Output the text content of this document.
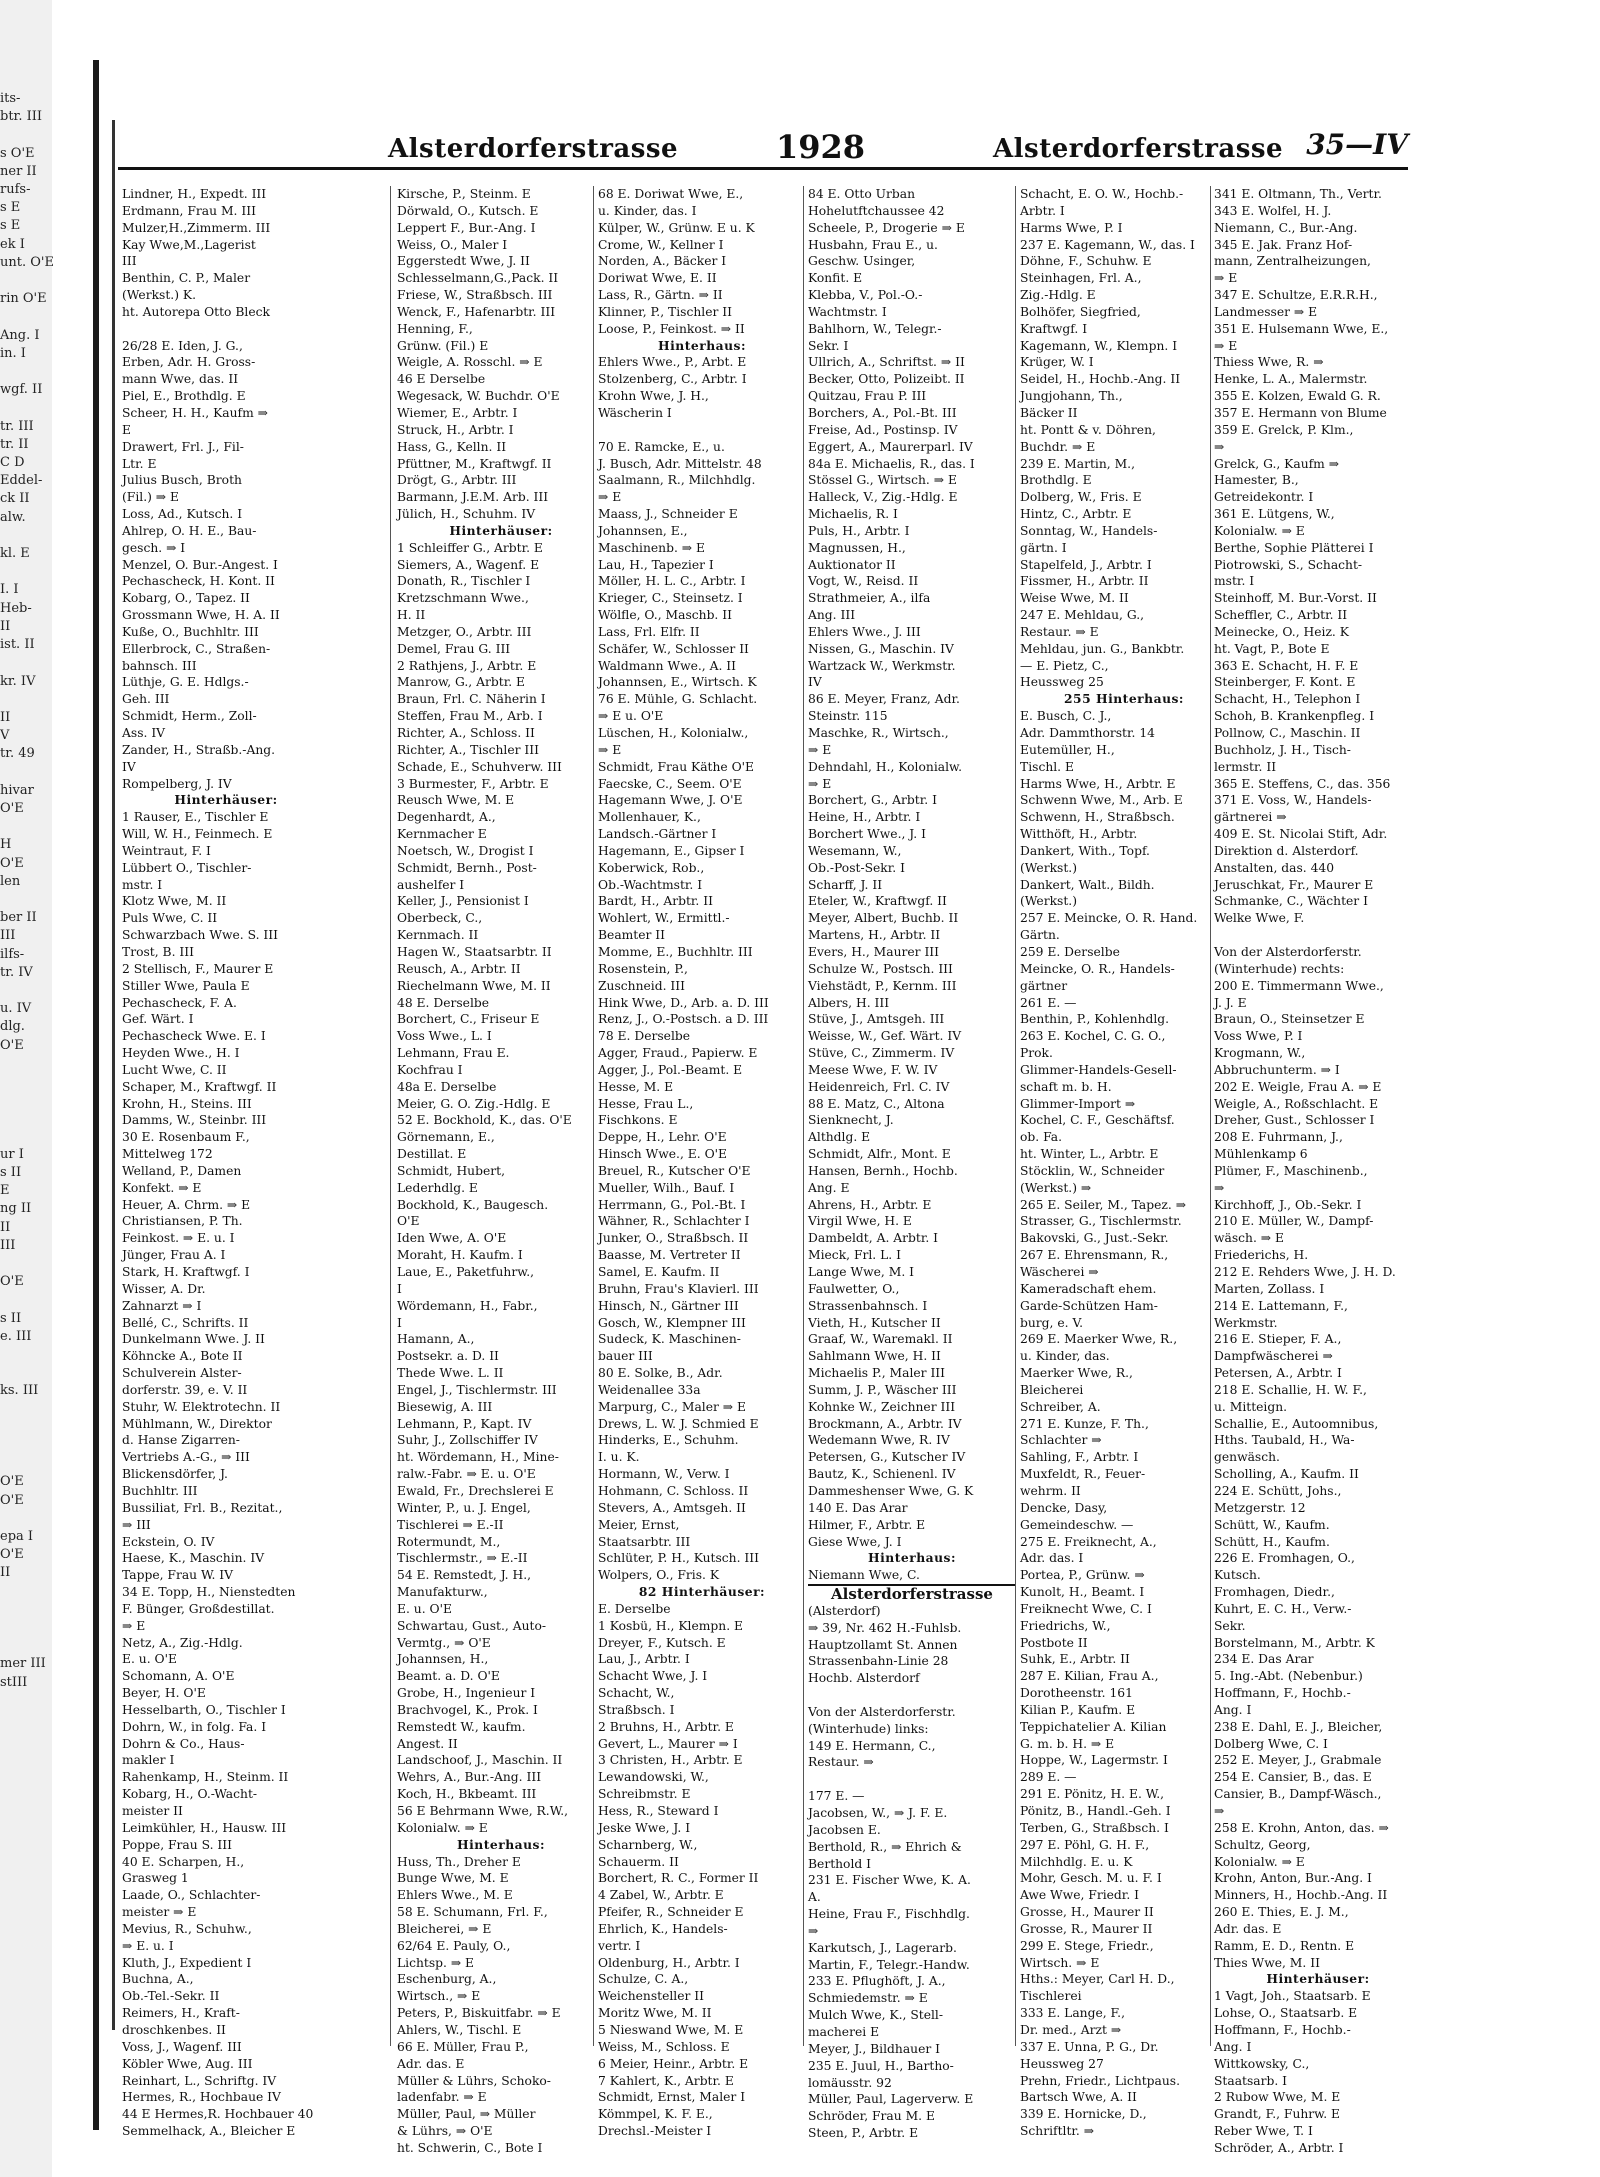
its-
btr. III

s O'E
ner II
rufs-
s E
s E
ek I
unt. O'E

rin O'E

Ang. I
in. I

wgf. II

tr. III
tr. II
C D
Eddel-
ck II
alw.

kl. E

I. I
Heb-
II
ist. II

kr. IV

II
V
tr. 49

hivar
O'E

H
O'E
len

ber II
III
ilfs-
tr. IV

u. IV
dlg.
O'E

ur I
s II
E
ng II
II
III

O'E

s II
e. III

ks. III

O'E
O'E

epa I
O'E
II

mer III
stIII

Alsterdorferstrasse	1928	Alsterdorferstrasse 35—IV
Lindner, H., Expedt. III
Erdmann, Frau M. III
Mulzer,H.,Zimmerm. III
Kay Wwe,M.,Lagerist
III
Benthin, C. P., Maler
(Werkst.) K.
ht. Autorepa Otto Bleck

26/28 E. Iden, J. G.,
Erben, Adr. H. Gross-
mann Wwe, das. II
Piel, E., Brothdlg. E
Scheer, H. H., Kaufm ⇒
E
Drawert, Frl. J., Fil-
Ltr. E
Julius Busch, Broth
(Fil.) ⇒ E
Loss, Ad., Kutsch. I
Ahlrep, O. H. E., Bau-
gesch. ⇒ I
Menzel, O. Bur.-Angest. I
Pechascheck, H. Kont. II
Kobarg, O., Tapez. II
Grossmann Wwe, H. A. II
Kuße, O., Buchhltr. III
Ellerbrock, C., Straßen-
bahnsch. III
Lüthje, G. E. Hdlgs.-
Geh. III
Schmidt, Herm., Zoll-
Ass. IV
Zander, H., Straßb.-Ang.
IV
Rompelberg, J. IV
Hinterhäuser:
1 Rauser, E., Tischler E
Will, W. H., Feinmech. E
Weintraut, F. I
Lübbert O., Tischler-
mstr. I
Klotz Wwe, M. II
Puls Wwe, C. II
Schwarzbach Wwe. S. III
Trost, B. III
2 Stellisch, F., Maurer E
Stiller Wwe, Paula E
Pechascheck, F. A.
Gef. Wärt. I
Pechascheck Wwe. E. I
Heyden Wwe., H. I
Lucht Wwe, C. II
Schaper, M., Kraftwgf. II
Krohn, H., Steins. III
Damms, W., Steinbr. III
30 E. Rosenbaum F.,
Mittelweg 172
Welland, P., Damen
Konfekt. ⇒ E
Heuer, A. Chrm. ⇒ E
Christiansen, P. Th.
Feinkost. ⇒ E. u. I
Jünger, Frau A. I
Stark, H. Kraftwgf. I
Wisser, A. Dr.
Zahnarzt ⇒ I
Bellé, C., Schrifts. II
Dunkelmann Wwe. J. II
Köhncke A., Bote II
Schulverein Alster-
dorferstr. 39, e. V. II
Stuhr, W. Elektrotechn. II
Mühlmann, W., Direktor
d. Hanse Zigarren-
Vertriebs A.-G., ⇒ III
Blickensdörfer, J.
Buchhltr. III
Bussiliat, Frl. B., Rezitat.,
⇒ III
Eckstein, O. IV
Haese, K., Maschin. IV
Tappe, Frau W. IV
34 E. Topp, H., Nienstedten
F. Bünger, Großdestillat.
⇒ E
Netz, A., Zig.-Hdlg.
E. u. O'E
Schomann, A. O'E
Beyer, H. O'E
Hesselbarth, O., Tischler I
Dohrn, W., in folg. Fa. I
Dohrn & Co., Haus-
makler I
Rahenkamp, H., Steinm. II
Kobarg, H., O.-Wacht-
meister II
Leimkühler, H., Hausw. III
Poppe, Frau S. III
40 E. Scharpen, H.,
Grasweg 1
Laade, O., Schlachter-
meister ⇒ E
Mevius, R., Schuhw.,
⇒ E. u. I
Kluth, J., Expedient I
Buchna, A.,
Ob.-Tel.-Sekr. II
Reimers, H., Kraft-
droschkenbes. II
Voss, J., Wagenf. III
Köbler Wwe, Aug. III
Reinhart, L., Schriftg. IV
Hermes, R., Hochbaue IV
44 E Hermes,R. Hochbauer 40
Semmelhack, A., Bleicher E
Kirsche, P., Steinm. E
Dörwald, O., Kutsch. E
Leppert F., Bur.-Ang. I
Weiss, O., Maler I
Eggerstedt Wwe, J. II
Schlesselmann,G.,Pack. II
Friese, W., Straßbsch. III
Wenck, F., Hafenarbtr. III
Henning, F.,
Grünw. (Fil.) E
Weigle, A. Rosschl. ⇒ E
46 E Derselbe
Wegesack, W. Buchdr. O'E
Wiemer, E., Arbtr. I
Struck, H., Arbtr. I
Hass, G., Kelln. II
Pfüttner, M., Kraftwgf. II
Drögt, G., Arbtr. III
Barmann, J.E.M. Arb. III
Jülich, H., Schuhm. IV
Hinterhäuser:
1 Schleiffer G., Arbtr. E
Siemers, A., Wagenf. E
Donath, R., Tischler I
Kretzschmann Wwe.,
H. II
Metzger, O., Arbtr. III
Demel, Frau G. III
2 Rathjens, J., Arbtr. E
Manrow, G., Arbtr. E
Braun, Frl. C. Näherin I
Steffen, Frau M., Arb. I
Richter, A., Schloss. II
Richter, A., Tischler III
Schade, E., Schuhverw. III
3 Burmester, F., Arbtr. E
Reusch Wwe, M. E
Degenhardt, A.,
Kernmacher E
Noetsch, W., Drogist I
Schmidt, Bernh., Post-
aushelfer I
Keller, J., Pensionist I
Oberbeck, C.,
Kernmach. II
Hagen W., Staatsarbtr. II
Reusch, A., Arbtr. II
Riechelmann Wwe, M. II
48 E. Derselbe
Borchert, C., Friseur E
Voss Wwe., L. I
Lehmann, Frau E.
Kochfrau I
48a E. Derselbe
Meier, G. O. Zig.-Hdlg. E
52 E. Bockhold, K., das. O'E
Görnemann, E.,
Destillat. E
Schmidt, Hubert,
Lederhdlg. E
Bockhold, K., Baugesch.
O'E
Iden Wwe, A. O'E
Moraht, H. Kaufm. I
Laue, E., Paketfuhrw.,
I
Wördemann, H., Fabr.,
I
Hamann, A.,
Postsekr. a. D. II
Thede Wwe. L. II
Engel, J., Tischlermstr. III
Biesewig, A. III
Lehmann, P., Kapt. IV
Suhr, J., Zollschiffer IV
ht. Wördemann, H., Mine-
ralw.-Fabr. ⇒ E. u. O'E
Ewald, Fr., Drechslerei E
Winter, P., u. J. Engel,
Tischlerei ⇒ E.-II
Rotermundt, M.,
Tischlermstr., ⇒ E.-II
54 E. Remstedt, J. H.,
Manufakturw.,
E. u. O'E
Schwartau, Gust., Auto-
Vermtg., ⇒ O'E
Johannsen, H.,
Beamt. a. D. O'E
Grobe, H., Ingenieur I
Brachvogel, K., Prok. I
Remstedt W., kaufm.
Angest. II
Landschoof, J., Maschin. II
Wehrs, A., Bur.-Ang. III
Koch, H., Bkbeamt. III
56 E Behrmann Wwe, R.W.,
Kolonialw. ⇒ E
Hinterhaus:
Huss, Th., Dreher E
Bunge Wwe, M. E
Ehlers Wwe., M. E
58 E. Schumann, Frl. F.,
Bleicherei, ⇒ E
62/64 E. Pauly, O.,
Lichtsp. ⇒ E
Eschenburg, A.,
Wirtsch., ⇒ E
Peters, P., Biskuitfabr. ⇒ E
Ahlers, W., Tischl. E
66 E. Müller, Frau P.,
Adr. das. E
Müller & Lührs, Schoko-
ladenfabr. ⇒ E
Müller, Paul, ⇒ Müller
& Lührs, ⇒ O'E
ht. Schwerin, C., Bote I
68 E. Doriwat Wwe, E.,
u. Kinder, das. I
Külper, W., Grünw. E u. K
Crome, W., Kellner I
Norden, A., Bäcker I
Doriwat Wwe, E. II
Lass, R., Gärtn. ⇒ II
Klinner, P., Tischler II
Loose, P., Feinkost. ⇒ II
Hinterhaus:
Ehlers Wwe., P., Arbt. E
Stolzenberg, C., Arbtr. I
Krohn Wwe, J. H.,
Wäscherin I

70 E. Ramcke, E., u.
J. Busch, Adr. Mittelstr. 48
Saalmann, R., Milchhdlg.
⇒ E
Maass, J., Schneider E
Johannsen, E.,
Maschinenb. ⇒ E
Lau, H., Tapezier I
Möller, H. L. C., Arbtr. I
Krieger, C., Steinsetz. I
Wölfle, O., Maschb. II
Lass, Frl. Elfr. II
Schäfer, W., Schlosser II
Waldmann Wwe., A. II
Johannsen, E., Wirtsch. K
76 E. Mühle, G. Schlacht.
⇒ E u. O'E
Lüschen, H., Kolonialw.,
⇒ E
Schmidt, Frau Käthe O'E
Faecske, C., Seem. O'E
Hagemann Wwe, J. O'E
Mollenhauer, K.,
Landsch.-Gärtner I
Hagemann, E., Gipser I
Koberwick, Rob.,
Ob.-Wachtmstr. I
Bardt, H., Arbtr. II
Wohlert, W., Ermittl.-
Beamter II
Momme, E., Buchhltr. III
Rosenstein, P.,
Zuschneid. III
Hink Wwe, D., Arb. a. D. III
Renz, J., O.-Postsch. a D. III
78 E. Derselbe
Agger, Fraud., Papierw. E
Agger, J., Pol.-Beamt. E
Hesse, M. E
Hesse, Frau L.,
Fischkons. E
Deppe, H., Lehr. O'E
Hinsch Wwe., E. O'E
Breuel, R., Kutscher O'E
Mueller, Wilh., Bauf. I
Herrmann, G., Pol.-Bt. I
Wähner, R., Schlachter I
Junker, O., Straßbsch. II
Baasse, M. Vertreter II
Samel, E. Kaufm. II
Bruhn, Frau's Klavierl. III
Hinsch, N., Gärtner III
Gosch, W., Klempner III
Sudeck, K. Maschinen-
bauer III
80 E. Solke, B., Adr.
Weidenallee 33a
Marpurg, C., Maler ⇒ E
Drews, L. W. J. Schmied E
Hinderks, E., Schuhm.
I. u. K.
Hormann, W., Verw. I
Hohmann, C. Schloss. II
Stevers, A., Amtsgeh. II
Meier, Ernst,
Staatsarbtr. III
Schlüter, P. H., Kutsch. III
Wolpers, O., Fris. K
82 Hinterhäuser:
E. Derselbe
1 Kosbü, H., Klempn. E
Dreyer, F., Kutsch. E
Lau, J., Arbtr. I
Schacht Wwe, J. I
Schacht, W.,
Straßbsch. I
2 Bruhns, H., Arbtr. E
Gevert, L., Maurer ⇒ I
3 Christen, H., Arbtr. E
Lewandowski, W.,
Schreibmstr. E
Hess, R., Steward I
Jeske Wwe, J. I
Scharnberg, W.,
Schauerm. II
Borchert, R. C., Former II
4 Zabel, W., Arbtr. E
Pfeifer, R., Schneider E
Ehrlich, K., Handels-
vertr. I
Oldenburg, H., Arbtr. I
Schulze, C. A.,
Weichensteller II
Moritz Wwe, M. II
5 Nieswand Wwe, M. E
Weiss, M., Schloss. E
6 Meier, Heinr., Arbtr. E
7 Kahlert, K., Arbtr. E
Schmidt, Ernst, Maler I
Kömmpel, K. F. E.,
Drechsl.-Meister I
84 E. Otto Urban
Hohelutftchaussee 42
Scheele, P., Drogerie ⇒ E
Husbahn, Frau E., u.
Geschw. Usinger,
Konfit. E
Klebba, V., Pol.-O.-
Wachtmstr. I
Bahlhorn, W., Telegr.-
Sekr. I
Ullrich, A., Schriftst. ⇒ II
Becker, Otto, Polizeibt. II
Quitzau, Frau P. III
Borchers, A., Pol.-Bt. III
Freise, Ad., Postinsp. IV
Eggert, A., Maurerparl. IV
84a E. Michaelis, R., das. I
Stössel G., Wirtsch. ⇒ E
Halleck, V., Zig.-Hdlg. E
Michaelis, R. I
Puls, H., Arbtr. I
Magnussen, H.,
Auktionator II
Vogt, W., Reisd. II
Strathmeier, A., ilfa
Ang. III
Ehlers Wwe., J. III
Nissen, G., Maschin. IV
Wartzack W., Werkmstr.
IV
86 E. Meyer, Franz, Adr.
Steinstr. 115
Maschke, R., Wirtsch.,
⇒ E
Dehndahl, H., Kolonialw.
⇒ E
Borchert, G., Arbtr. I
Heine, H., Arbtr. I
Borchert Wwe., J. I
Wesemann, W.,
Ob.-Post-Sekr. I
Scharff, J. II
Eteler, W., Kraftwgf. II
Meyer, Albert, Buchb. II
Martens, H., Arbtr. II
Evers, H., Maurer III
Schulze W., Postsch. III
Viehstädt, P., Kernm. III
Albers, H. III
Stüve, J., Amtsgeh. III
Weisse, W., Gef. Wärt. IV
Stüve, C., Zimmerm. IV
Meese Wwe, F. W. IV
Heidenreich, Frl. C. IV
88 E. Matz, C., Altona
Sienknecht, J.
Althdlg. E
Schmidt, Alfr., Mont. E
Hansen, Bernh., Hochb.
Ang. E
Ahrens, H., Arbtr. E
Virgil Wwe, H. E
Dambeldt, A. Arbtr. I
Mieck, Frl. L. I
Lange Wwe, M. I
Faulwetter, O.,
Strassenbahnsch. I
Vieth, H., Kutscher II
Graaf, W., Waremakl. II
Sahlmann Wwe, H. II
Michaelis P., Maler III
Summ, J. P., Wäscher III
Kohnke W., Zeichner III
Brockmann, A., Arbtr. IV
Wedemann Wwe, R. IV
Petersen, G., Kutscher IV
Bautz, K., Schienenl. IV
Dammeshenser Wwe, G. K
140 E. Das Arar
Hilmer, F., Arbtr. E
Giese Wwe, J. I
Hinterhaus:
Niemann Wwe, C.
Alsterdorferstrasse
(Alsterdorf)
⇒ 39, Nr. 462 H.-Fuhlsb.
Hauptzollamt St. Annen
Strassenbahn-Linie 28
Hochb. Alsterdorf

Von der Alsterdorferstr.
(Winterhude) links:
149 E. Hermann, C.,
Restaur. ⇒

177 E. —
Jacobsen, W., ⇒ J. F. E.
Jacobsen E.
Berthold, R., ⇒ Ehrich &
Berthold I
231 E. Fischer Wwe, K. A.
A.
Heine, Frau F., Fischhdlg.
⇒
Karkutsch, J., Lagerarb.
Martin, F., Telegr.-Handw.
233 E. Pflughöft, J. A.,
Schmiedemstr. ⇒ E
Mulch Wwe, K., Stell-
macherei E
Meyer, J., Bildhauer I
235 E. Juul, H., Bartho-
lomäusstr. 92
Müller, Paul, Lagerverw. E
Schröder, Frau M. E
Steen, P., Arbtr. E
Schacht, E. O. W., Hochb.-
Arbtr. I
Harms Wwe, P. I
237 E. Kagemann, W., das. I
Döhne, F., Schuhw. E
Steinhagen, Frl. A.,
Zig.-Hdlg. E
Bolhöfer, Siegfried,
Kraftwgf. I
Kagemann, W., Klempn. I
Krüger, W. I
Seidel, H., Hochb.-Ang. II
Jungjohann, Th.,
Bäcker II
ht. Pontt & v. Döhren,
Buchdr. ⇒ E
239 E. Martin, M.,
Brothdlg. E
Dolberg, W., Fris. E
Hintz, C., Arbtr. E
Sonntag, W., Handels-
gärtn. I
Stapelfeld, J., Arbtr. I
Fissmer, H., Arbtr. II
Weise Wwe, M. II
247 E. Mehldau, G.,
Restaur. ⇒ E
Mehldau, jun. G., Bankbtr.
— E. Pietz, C.,
Heussweg 25
255 Hinterhaus:
E. Busch, C. J.,
Adr. Dammthorstr. 14
Eutemüller, H.,
Tischl. E
Harms Wwe, H., Arbtr. E
Schwenn Wwe, M., Arb. E
Schwenn, H., Straßbsch.
Witthöft, H., Arbtr.
Dankert, With., Topf.
(Werkst.)
Dankert, Walt., Bildh.
(Werkst.)
257 E. Meincke, O. R. Hand.
Gärtn.
259 E. Derselbe
Meincke, O. R., Handels-
gärtner
261 E. —
Benthin, P., Kohlenhdlg.
263 E. Kochel, C. G. O.,
Prok.
Glimmer-Handels-Gesell-
schaft m. b. H.
Glimmer-Import ⇒
Kochel, C. F., Geschäftsf.
ob. Fa.
ht. Winter, L., Arbtr. E
Stöcklin, W., Schneider
(Werkst.) ⇒
265 E. Seiler, M., Tapez. ⇒
Strasser, G., Tischlermstr.
Bakovski, G., Just.-Sekr.
267 E. Ehrensmann, R.,
Wäscherei ⇒
Kameradschaft ehem.
Garde-Schützen Ham-
burg, e. V.
269 E. Maerker Wwe, R.,
u. Kinder, das.
Maerker Wwe, R.,
Bleicherei
Schreiber, A.
271 E. Kunze, F. Th.,
Schlachter ⇒
Sahling, F., Arbtr. I
Muxfeldt, R., Feuer-
wehrm. II
Dencke, Dasy,
Gemeindeschw. —
275 E. Freiknecht, A.,
Adr. das. I
Portea, P., Grünw. ⇒
Kunolt, H., Beamt. I
Freiknecht Wwe, C. I
Friedrichs, W.,
Postbote II
Suhk, E., Arbtr. II
287 E. Kilian, Frau A.,
Dorotheenstr. 161
Kilian P., Kaufm. E
Teppichatelier A. Kilian
G. m. b. H. ⇒ E
Hoppe, W., Lagermstr. I
289 E. —
291 E. Pönitz, H. E. W.,
Pönitz, B., Handl.-Geh. I
Terben, G., Straßbsch. I
297 E. Pöhl, G. H. F.,
Milchhdlg. E. u. K
Mohr, Gesch. M. u. F. I
Awe Wwe, Friedr. I
Grosse, H., Maurer II
Grosse, R., Maurer II
299 E. Stege, Friedr.,
Wirtsch. ⇒ E
Hths.: Meyer, Carl H. D.,
Tischlerei
333 E. Lange, F.,
Dr. med., Arzt ⇒
337 E. Unna, P. G., Dr.
Heussweg 27
Prehn, Friedr., Lichtpaus.
Bartsch Wwe, A. II
339 E. Hornicke, D.,
Schriftltr. ⇒
341 E. Oltmann, Th., Vertr.
343 E. Wolfel, H. J.
Niemann, C., Bur.-Ang.
345 E. Jak. Franz Hof-
mann, Zentralheizungen,
⇒ E
347 E. Schultze, E.R.R.H.,
Landmesser ⇒ E
351 E. Hulsemann Wwe, E.,
⇒ E
Thiess Wwe, R. ⇒
Henke, L. A., Malermstr.
355 E. Kolzen, Ewald G. R.
357 E. Hermann von Blume
359 E. Grelck, P. Klm.,
⇒
Grelck, G., Kaufm ⇒
Hamester, B.,
Getreidekontr. I
361 E. Lütgens, W.,
Kolonialw. ⇒ E
Berthe, Sophie Plätterei I
Piotrowski, S., Schacht-
mstr. I
Steinhoff, M. Bur.-Vorst. II
Scheffler, C., Arbtr. II
Meinecke, O., Heiz. K
ht. Vagt, P., Bote E
363 E. Schacht, H. F. E
Steinberger, F. Kont. E
Schacht, H., Telephon I
Schoh, B. Krankenpfleg. I
Pollnow, C., Maschin. II
Buchholz, J. H., Tisch-
lermstr. II
365 E. Steffens, C., das. 356
371 E. Voss, W., Handels-
gärtnerei ⇒
409 E. St. Nicolai Stift, Adr.
Direktion d. Alsterdorf.
Anstalten, das. 440
Jeruschkat, Fr., Maurer E
Schmanke, C., Wächter I
Welke Wwe, F.

Von der Alsterdorferstr.
(Winterhude) rechts:
200 E. Timmermann Wwe.,
J. J. E
Braun, O., Steinsetzer E
Voss Wwe, P. I
Krogmann, W.,
Abbruchunterm. ⇒ I
202 E. Weigle, Frau A. ⇒ E
Weigle, A., Roßschlacht. E
Dreher, Gust., Schlosser I
208 E. Fuhrmann, J.,
Mühlenkamp 6
Plümer, F., Maschinenb.,
⇒
Kirchhoff, J., Ob.-Sekr. I
210 E. Müller, W., Dampf-
wäsch. ⇒ E
Friederichs, H.
212 E. Rehders Wwe, J. H. D.
Marten, Zollass. I
214 E. Lattemann, F.,
Werkmstr.
216 E. Stieper, F. A.,
Dampfwäscherei ⇒
Petersen, A., Arbtr. I
218 E. Schallie, H. W. F.,
u. Mitteign.
Schallie, E., Autoomnibus,
Hths. Taubald, H., Wa-
genwäsch.
Scholling, A., Kaufm. II
224 E. Schütt, Johs.,
Metzgerstr. 12
Schütt, W., Kaufm.
Schütt, H., Kaufm.
226 E. Fromhagen, O.,
Kutsch.
Fromhagen, Diedr.,
Kuhrt, E. C. H., Verw.-
Sekr.
Borstelmann, M., Arbtr. K
234 E. Das Arar
5. Ing.-Abt. (Nebenbur.)
Hoffmann, F., Hochb.-
Ang. I
238 E. Dahl, E. J., Bleicher,
Dolberg Wwe, C. I
252 E. Meyer, J., Grabmale
254 E. Cansier, B., das. E
Cansier, B., Dampf-Wäsch.,
⇒
258 E. Krohn, Anton, das. ⇒
Schultz, Georg,
Kolonialw. ⇒ E
Krohn, Anton, Bur.-Ang. I
Minners, H., Hochb.-Ang. II
260 E. Thies, E. J. M.,
Adr. das. E
Ramm, E. D., Rentn. E
Thies Wwe, M. II
Hinterhäuser:
1 Vagt, Joh., Staatsarb. E
Lohse, O., Staatsarb. E
Hoffmann, F., Hochb.-
Ang. I
Wittkowsky, C.,
Staatsarb. I
2 Rubow Wwe, M. E
Grandt, F., Fuhrw. E
Reber Wwe, T. I
Schröder, A., Arbtr. I
